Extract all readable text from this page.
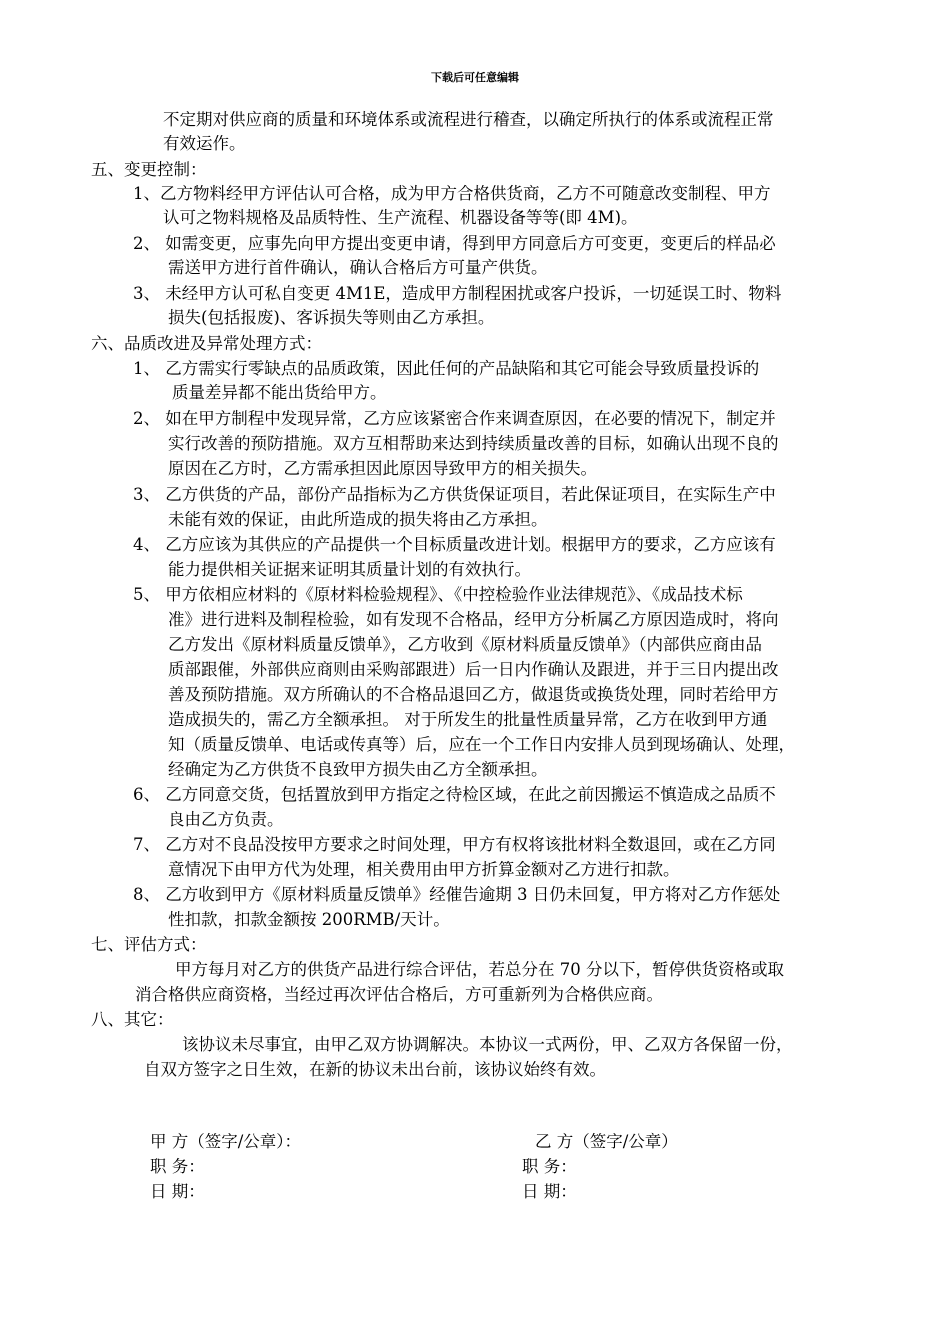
下载后可任意编辑
不定期对供应商的质量和环境体系或流程进行稽查，以确定所执行的体系或流程正常
有效运作。
五、变更控制：
1、乙方物料经甲方评估认可合格，成为甲方合格供货商，乙方不可随意改变制程、甲方
认可之物料规格及品质特性、生产流程、机器设备等等(即 4M)。
2、 如需变更，应事先向甲方提出变更申请，得到甲方同意后方可变更，变更后的样品必
需送甲方进行首件确认，确认合格后方可量产供货。
3、 未经甲方认可私自变更 4M1E，造成甲方制程困扰或客户投诉，一切延误工时、物料
损失(包括报废)、客诉损失等则由乙方承担。
六、品质改进及异常处理方式：
1、 乙方需实行零缺点的品质政策，因此任何的产品缺陷和其它可能会导致质量投诉的
质量差异都不能出货给甲方。
2、 如在甲方制程中发现异常，乙方应该紧密合作来调查原因，在必要的情况下，制定并
实行改善的预防措施。双方互相帮助来达到持续质量改善的目标，如确认出现不良的
原因在乙方时，乙方需承担因此原因导致甲方的相关损失。
3、 乙方供货的产品，部份产品指标为乙方供货保证项目，若此保证项目，在实际生产中
未能有效的保证，由此所造成的损失将由乙方承担。
4、 乙方应该为其供应的产品提供一个目标质量改进计划。根据甲方的要求，乙方应该有
能力提供相关证据来证明其质量计划的有效执行。
5、 甲方依相应材料的《原材料检验规程》、《中控检验作业法律规范》、《成品技术标
准》进行进料及制程检验，如有发现不合格品，经甲方分析属乙方原因造成时，将向
乙方发出《原材料质量反馈单》，乙方收到《原材料质量反馈单》（内部供应商由品
质部跟催，外部供应商则由采购部跟进）后一日内作确认及跟进，并于三日内提出改
善及预防措施。双方所确认的不合格品退回乙方，做退货或换货处理，同时若给甲方
造成损失的，需乙方全额承担。 对于所发生的批量性质量异常，乙方在收到甲方通
知（质量反馈单、电话或传真等）后，应在一个工作日内安排人员到现场确认、处理，
经确定为乙方供货不良致甲方损失由乙方全额承担。
6、 乙方同意交货，包括置放到甲方指定之待检区域，在此之前因搬运不慎造成之品质不
良由乙方负责。
7、 乙方对不良品没按甲方要求之时间处理，甲方有权将该批材料全数退回，或在乙方同
意情况下由甲方代为处理，相关费用由甲方折算金额对乙方进行扣款。
8、 乙方收到甲方《原材料质量反馈单》经催告逾期 3 日仍未回复，甲方将对乙方作惩处
性扣款，扣款金额按 200RMB/天计。
七、评估方式：
甲方每月对乙方的供货产品进行综合评估，若总分在 70 分以下，暂停供货资格或取
消合格供应商资格，当经过再次评估合格后，方可重新列为合格供应商。
八、其它：
该协议未尽事宜，由甲乙双方协调解决。本协议一式两份，甲、乙双方各保留一份，
自双方签字之日生效，在新的协议未出台前，该协议始终有效。
甲 方（签字/公章）：
职 务：
日 期：
乙 方（签字/公章）
职 务：
日 期：
